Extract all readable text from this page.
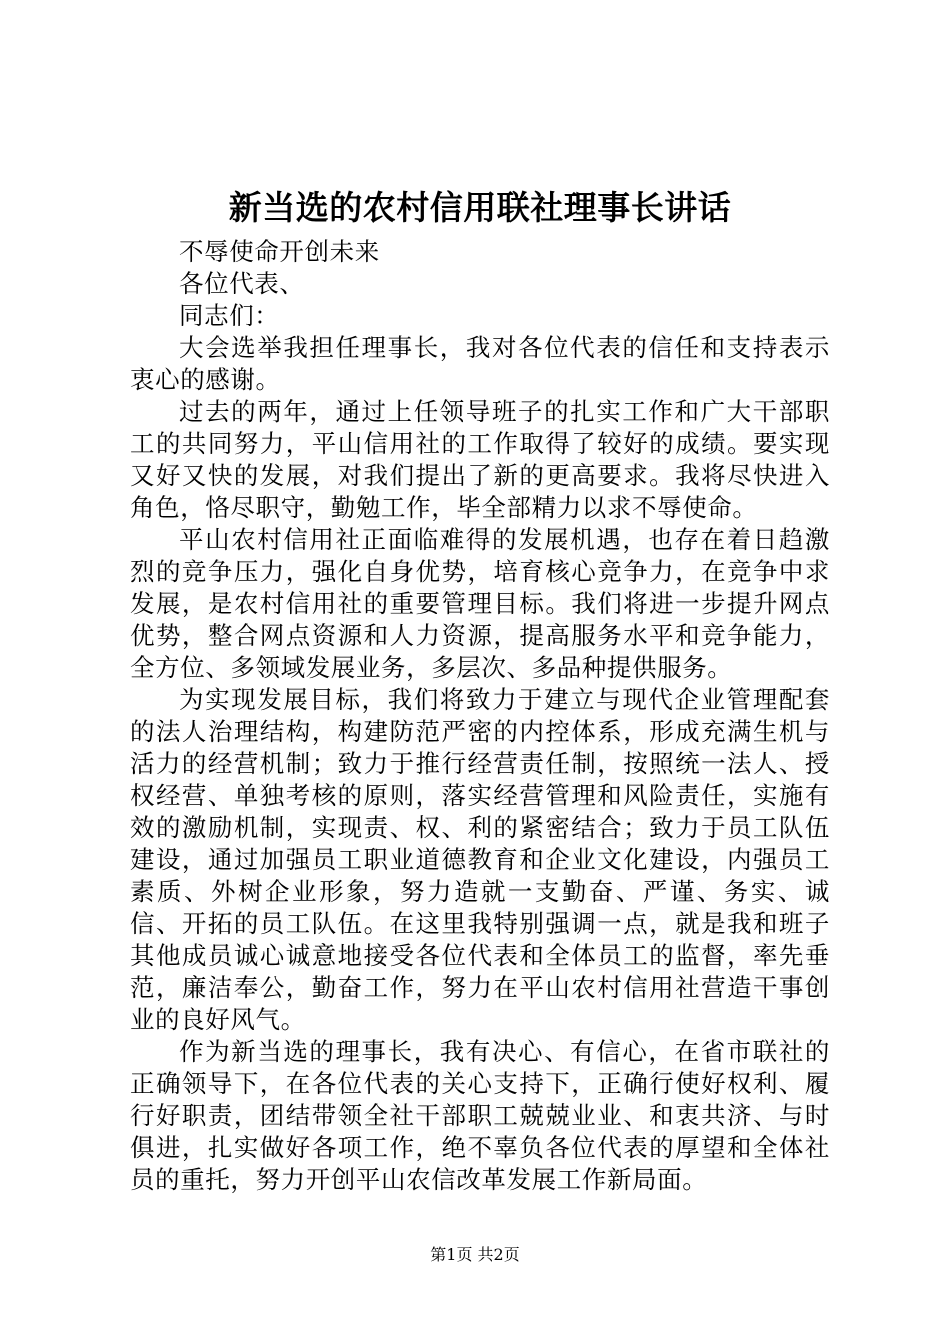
新当选的农村信用联社理事长讲话

不辱使命开创未来

各位代表、

同志们：

大会选举我担任理事长，我对各位代表的信任和支持表示衷心的感谢。

过去的两年，通过上任领导班子的扎实工作和广大干部职工的共同努力，平山信用社的工作取得了较好的成绩。要实现又好又快的发展，对我们提出了新的更高要求。我将尽快进入角色，恪尽职守，勤勉工作，毕全部精力以求不辱使命。

平山农村信用社正面临难得的发展机遇，也存在着日趋激烈的竞争压力，强化自身优势，培育核心竞争力，在竞争中求发展，是农村信用社的重要管理目标。我们将进一步提升网点优势，整合网点资源和人力资源，提高服务水平和竞争能力，全方位、多领域发展业务，多层次、多品种提供服务。

为实现发展目标，我们将致力于建立与现代企业管理配套的法人治理结构，构建防范严密的内控体系，形成充满生机与活力的经营机制；致力于推行经营责任制，按照统一法人、授权经营、单独考核的原则，落实经营管理和风险责任，实施有效的激励机制，实现责、权、利的紧密结合；致力于员工队伍建设，通过加强员工职业道德教育和企业文化建设，内强员工素质、外树企业形象，努力造就一支勤奋、严谨、务实、诚信、开拓的员工队伍。在这里我特别强调一点，就是我和班子其他成员诚心诚意地接受各位代表和全体员工的监督，率先垂范，廉洁奉公，勤奋工作，努力在平山农村信用社营造干事创业的良好风气。

作为新当选的理事长，我有决心、有信心，在省市联社的正确领导下，在各位代表的关心支持下，正确行使好权利、履行好职责，团结带领全社干部职工兢兢业业、和衷共济、与时俱进，扎实做好各项工作，绝不辜负各位代表的厚望和全体社员的重托，努力开创平山农信改革发展工作新局面。

第1页 共2页
